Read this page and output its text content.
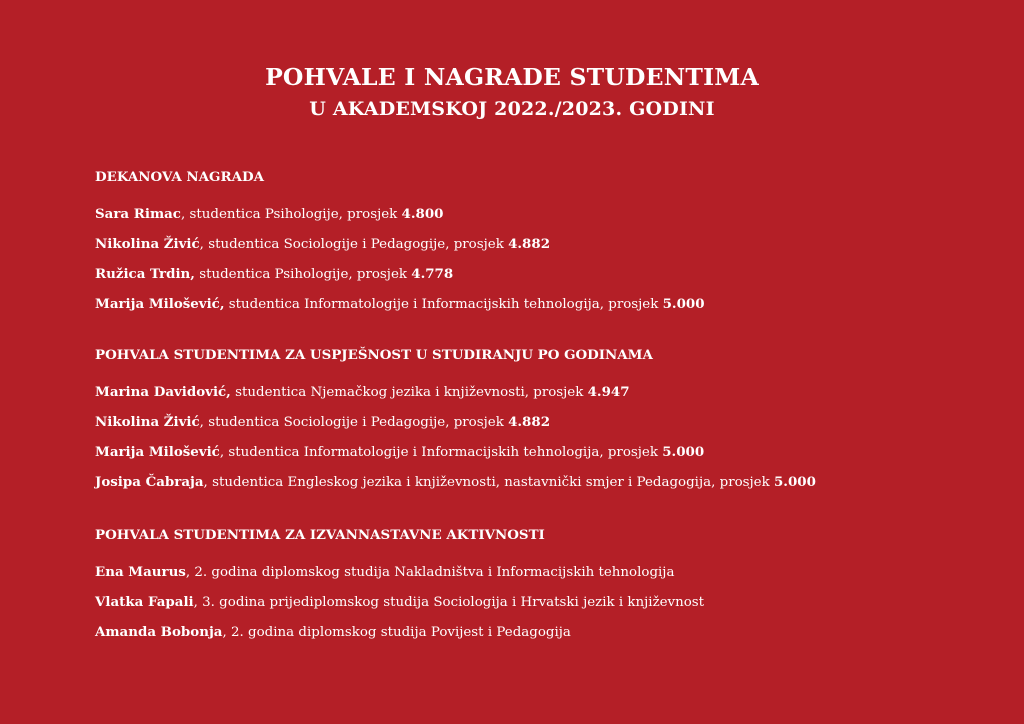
POHVALE I NAGRADE STUDENTIMA
U AKADEMSKOJ 2022./2023. GODINI
DEKANOVA NAGRADA
Sara Rimac, studentica Psihologije, prosjek 4.800
Nikolina Živić, studentica Sociologije i Pedagogije, prosjek 4.882
Ružica Trdin, studentica Psihologije, prosjek 4.778
Marija Milošević, studentica Informatologije i Informacijskih tehnologija, prosjek 5.000
POHVALA STUDENTIMA ZA USPJEŠNOST U STUDIRANJU PO GODINAMA
Marina Davidović, studentica Njemačkog jezika i književnosti, prosjek 4.947
Nikolina Živić, studentica Sociologije i Pedagogije, prosjek 4.882
Marija Milošević, studentica Informatologije i Informacijskih tehnologija, prosjek 5.000
Josipa Čabraja, studentica Engleskog jezika i književnosti, nastavnički smjer i Pedagogija, prosjek 5.000
POHVALA STUDENTIMA ZA IZVANNASTAVNE AKTIVNOSTI
Ena Maurus, 2. godina diplomskog studija Nakladništva i Informacijskih tehnologija
Vlatka Fapali, 3. godina prijediplomskog studija Sociologija i Hrvatski jezik i književnost
Amanda Bobonja, 2. godina diplomskog studija Povijest i Pedagogija
